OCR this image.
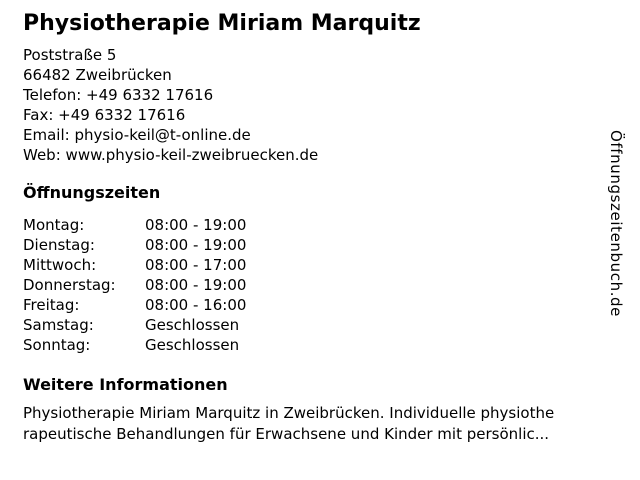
Physiotherapie Miriam Marquitz
Poststraße 5
66482 Zweibrücken
Telefon: +49 6332 17616
Fax: +49 6332 17616
Email: physio-keil@t-online.de
Web: www.physio-keil-zweibruecken.de
Öffnungszeiten
Montag:	08:00 - 19:00
Dienstag:	08:00 - 19:00
Mittwoch:	08:00 - 17:00
Donnerstag:	08:00 - 19:00
Freitag:	08:00 - 16:00
Samstag:	Geschlossen
Sonntag:	Geschlossen
Weitere Informationen
Physiotherapie Miriam Marquitz in Zweibrücken. Individuelle physiothe
rapeutische Behandlungen für Erwachsene und Kinder mit persönlic...
Öffnungszeitenbuch.de
